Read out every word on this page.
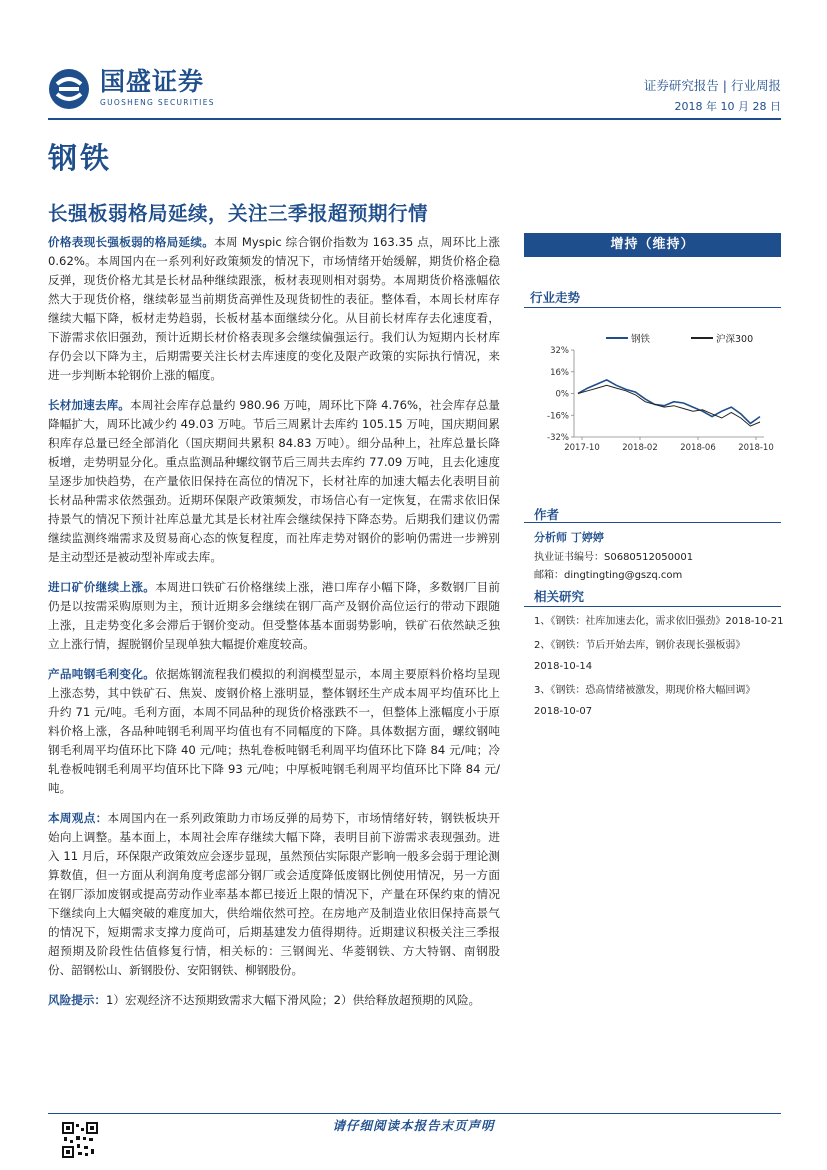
国盛证券
GUOSHENG SECURITIES
证券研究报告 | 行业周报
2018 年 10 月 28 日
钢铁
长强板弱格局延续，关注三季报超预期行情

价格表现长强板弱的格局延续。本周 Myspic 综合钢价指数为 163.35 点，周环比上涨 0.62%。本周国内在一系列利好政策频发的情况下，市场情绪开始缓解，期货价格企稳反弹，现货价格尤其是长材品种继续跟涨，板材表现则相对弱势。本周期货价格涨幅依然大于现货价格，继续彰显当前期货高弹性及现货韧性的表征。整体看，本周长材库存继续大幅下降，板材走势趋弱，长板材基本面继续分化。从目前长材库存去化速度看，下游需求依旧强劲，预计近期长材价格表现多会继续偏强运行。我们认为短期内长材库存仍会以下降为主，后期需要关注长材去库速度的变化及限产政策的实际执行情况，来进一步判断本轮钢价上涨的幅度。

长材加速去库。本周社会库存总量约 980.96 万吨，周环比下降 4.76%，社会库存总量降幅扩大，周环比减少约 49.03 万吨。节后三周累计去库约 105.15 万吨，国庆期间累积库存总量已经全部消化（国庆期间共累积 84.83 万吨）。细分品种上，社库总量长降板增，走势明显分化。重点监测品种螺纹钢节后三周共去库约 77.09 万吨，且去化速度呈逐步加快趋势，在产量依旧保持在高位的情况下，长材社库的加速大幅去化表明目前长材品种需求依然强劲。近期环保限产政策频发，市场信心有一定恢复，在需求依旧保持景气的情况下预计社库总量尤其是长材社库会继续保持下降态势。后期我们建议仍需继续监测终端需求及贸易商心态的恢复程度，而社库走势对钢价的影响仍需进一步辨别是主动型还是被动型补库或去库。

进口矿价继续上涨。本周进口铁矿石价格继续上涨，港口库存小幅下降，多数钢厂目前仍是以按需采购原则为主，预计近期多会继续在钢厂高产及钢价高位运行的带动下跟随上涨，且走势变化多会滞后于钢价变动。但受整体基本面弱势影响，铁矿石依然缺乏独立上涨行情，握脱钢价呈现单独大幅提价难度较高。

产品吨钢毛利变化。依据炼钢流程我们模拟的利润模型显示，本周主要原料价格均呈现上涨态势，其中铁矿石、焦炭、废钢价格上涨明显，整体钢坯生产成本周平均值环比上升约 71 元/吨。毛利方面，本周不同品种的现货价格涨跌不一，但整体上涨幅度小于原料价格上涨，各品种吨钢毛利周平均值也有不同幅度的下降。具体数据方面，螺纹钢吨钢毛利周平均值环比下降 40 元/吨；热轧卷板吨钢毛利周平均值环比下降 84 元/吨；冷轧卷板吨钢毛利周平均值环比下降 93 元/吨；中厚板吨钢毛利周平均值环比下降 84 元/吨。

本周观点：本周国内在一系列政策助力市场反弹的局势下，市场情绪好转，钢铁板块开始向上调整。基本面上，本周社会库存继续大幅下降，表明目前下游需求表现强劲。进入 11 月后，环保限产政策效应会逐步显现，虽然预估实际限产影响一般多会弱于理论测算数值，但一方面从利润角度考虑部分钢厂或会适度降低废钢比例使用情况，另一方面在钢厂添加废钢或提高劳动作业率基本都已接近上限的情况下，产量在环保约束的情况下继续向上大幅突破的难度加大，供给端依然可控。在房地产及制造业依旧保持高景气的情况下，短期需求支撑力度尚可，后期基建发力值得期待。近期建议积极关注三季报超预期及阶段性估值修复行情，相关标的：三钢闽光、华菱钢铁、方大特钢、南钢股份、韶钢松山、新钢股份、安阳钢铁、柳钢股份。

风险提示：1）宏观经济不达预期致需求大幅下滑风险；2）供给释放超预期的风险。

增持（维持）
行业走势
钢铁	沪深300
32%
16%
0%
-16%
-32%
2017-10	2018-02	2018-06	2018-10
作者
分析师 丁婷婷
执业证书编号：S0680512050001
邮箱：dingtingting@gszq.com
相关研究
1、《钢铁：社库加速去化，需求依旧强劲》2018-10-21
2、《钢铁：节后开始去库，钢价表现长强板弱》
2018-10-14
3、《钢铁：恐高情绪被激发，期现价格大幅回调》
2018-10-07
请仔细阅读本报告末页声明
